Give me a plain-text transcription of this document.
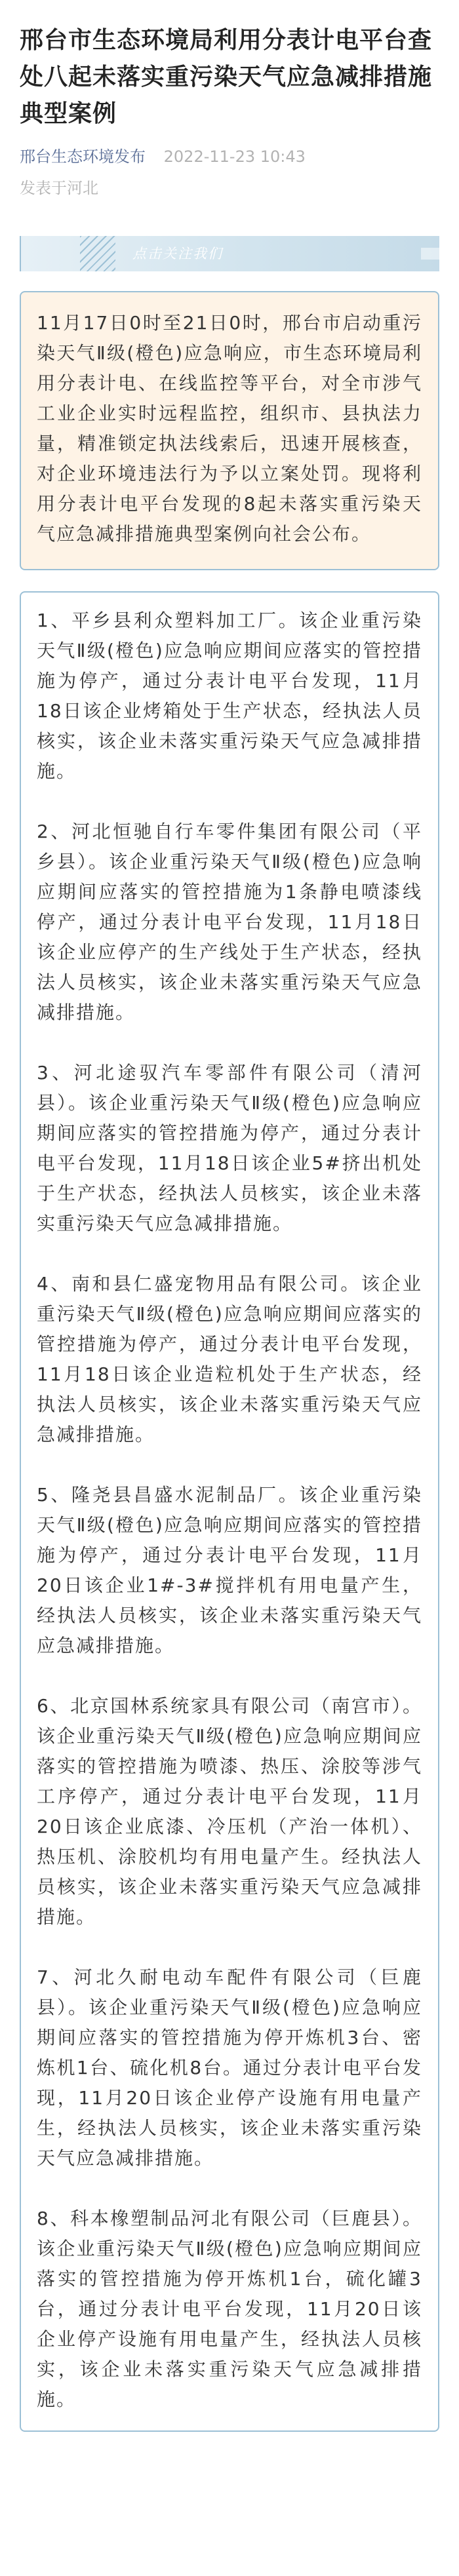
邢台市生态环境局利用分表计电平台查处八起未落实重污染天气应急减排措施典型案例
邢台生态环境发布 2022-11-23 10:43
发表于河北
点击关注我们

11月17日0时至21日0时，邢台市启动重污染天气Ⅱ级(橙色)应急响应，市生态环境局利用分表计电、在线监控等平台，对全市涉气工业企业实时远程监控，组织市、县执法力量，精准锁定执法线索后，迅速开展核查，对企业环境违法行为予以立案处罚。现将利用分表计电平台发现的8起未落实重污染天气应急减排措施典型案例向社会公布。

1、平乡县利众塑料加工厂。该企业重污染天气Ⅱ级(橙色)应急响应期间应落实的管控措施为停产，通过分表计电平台发现，11月18日该企业烤箱处于生产状态，经执法人员核实，该企业未落实重污染天气应急减排措施。

2、河北恒驰自行车零件集团有限公司（平乡县）。该企业重污染天气Ⅱ级(橙色)应急响应期间应落实的管控措施为1条静电喷漆线停产，通过分表计电平台发现，11月18日该企业应停产的生产线处于生产状态，经执法人员核实，该企业未落实重污染天气应急减排措施。

3、河北途驭汽车零部件有限公司（清河县）。该企业重污染天气Ⅱ级(橙色)应急响应期间应落实的管控措施为停产，通过分表计电平台发现，11月18日该企业5#挤出机处于生产状态，经执法人员核实，该企业未落实重污染天气应急减排措施。

4、南和县仁盛宠物用品有限公司。该企业重污染天气Ⅱ级(橙色)应急响应期间应落实的管控措施为停产，通过分表计电平台发现，11月18日该企业造粒机处于生产状态，经执法人员核实，该企业未落实重污染天气应急减排措施。

5、隆尧县昌盛水泥制品厂。该企业重污染天气Ⅱ级(橙色)应急响应期间应落实的管控措施为停产，通过分表计电平台发现，11月20日该企业1#-3#搅拌机有用电量产生，经执法人员核实，该企业未落实重污染天气应急减排措施。

6、北京国林系统家具有限公司（南宫市）。该企业重污染天气Ⅱ级(橙色)应急响应期间应落实的管控措施为喷漆、热压、涂胶等涉气工序停产，通过分表计电平台发现，11月20日该企业底漆、冷压机（产治一体机）、热压机、涂胶机均有用电量产生。经执法人员核实，该企业未落实重污染天气应急减排措施。

7、河北久耐电动车配件有限公司（巨鹿县）。该企业重污染天气Ⅱ级(橙色)应急响应期间应落实的管控措施为停开炼机3台、密炼机1台、硫化机8台。通过分表计电平台发现，11月20日该企业停产设施有用电量产生，经执法人员核实，该企业未落实重污染天气应急减排措施。

8、科本橡塑制品河北有限公司（巨鹿县）。该企业重污染天气Ⅱ级(橙色)应急响应期间应落实的管控措施为停开炼机1台，硫化罐3台，通过分表计电平台发现，11月20日该企业停产设施有用电量产生，经执法人员核实，该企业未落实重污染天气应急减排措施。
